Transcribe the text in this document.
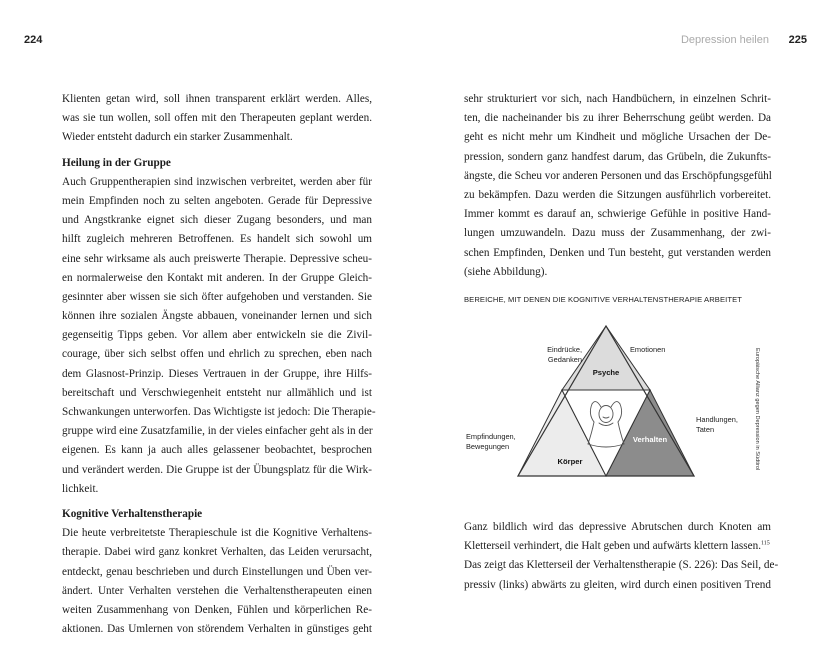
224
Klienten getan wird, soll ihnen transparent erklärt werden. Alles,
was sie tun wollen, soll offen mit den Therapeuten geplant werden.
Wieder entsteht dadurch ein starker Zusammenhalt.
Heilung in der Gruppe
Auch Gruppentherapien sind inzwischen verbreitet, werden aber für
mein Empfinden noch zu selten angeboten. Gerade für Depressive
und Angstkranke eignet sich dieser Zugang besonders, und man
hilft zugleich mehreren Betroffenen. Es handelt sich sowohl um
eine sehr wirksame als auch preiswerte Therapie. Depressive scheu-
en normalerweise den Kontakt mit anderen. In der Gruppe Gleich-
gesinnter aber wissen sie sich öfter aufgehoben und verstanden. Sie
können ihre sozialen Ängste abbauen, voneinander lernen und sich
gegenseitig Tipps geben. Vor allem aber entwickeln sie die Zivil-
courage, über sich selbst offen und ehrlich zu sprechen, eben nach
dem Glasnost-Prinzip. Dieses Vertrauen in der Gruppe, ihre Hilfs-
bereitschaft und Verschwiegenheit entsteht nur allmählich und ist
Schwankungen unterworfen. Das Wichtigste ist jedoch: Die Therapie-
gruppe wird eine Zusatzfamilie, in der vieles einfacher geht als in der
eigenen. Es kann ja auch alles gelassener beobachtet, besprochen
und verändert werden. Die Gruppe ist der Übungsplatz für die Wirk-
lichkeit.
Kognitive Verhaltenstherapie
Die heute verbreitetste Therapieschule ist die Kognitive Verhaltens-
therapie. Dabei wird ganz konkret Verhalten, das Leiden verursacht,
entdeckt, genau beschrieben und durch Einstellungen und Üben ver-
ändert. Unter Verhalten verstehen die Verhaltenstherapeuten einen
weiten Zusammenhang von Denken, Fühlen und körperlichen Re-
aktionen. Das Umlernen von störendem Verhalten in günstiges geht
Depression heilen 225
sehr strukturiert vor sich, nach Handbüchern, in einzelnen Schrit-
ten, die nacheinander bis zu ihrer Beherrschung geübt werden. Da
geht es nicht mehr um Kindheit und mögliche Ursachen der De-
pression, sondern ganz handfest darum, das Grübeln, die Zukunfts-
ängste, die Scheu vor anderen Personen und das Erschöpfungsgefühl
zu bekämpfen. Dazu werden die Sitzungen ausführlich vorbereitet.
Immer kommt es darauf an, schwierige Gefühle in positive Hand-
lungen umzuwandeln. Dazu muss der Zusammenhang, der zwi-
schen Empfinden, Denken und Tun besteht, gut verstanden werden
(siehe Abbildung).
BEREICHE, MIT DENEN DIE KOGNITIVE VERHALTENSTHERAPIE ARBEITET
Psyche
Körper
Verhalten
Eindrücke,
Gedanken
Emotionen
Handlungen,
Taten
Empfindungen,
Bewegungen	Europäische Allianz gegen Depression in Südtirol
Ganz bildlich wird das depressive Abrutschen durch Knoten am
Kletterseil verhindert, die Halt geben und aufwärts klettern lassen.$^{115}$
Das zeigt das Kletterseil der Verhaltenstherapie (S. 226): Das Seil, de-
pressiv (links) abwärts zu gleiten, wird durch einen positiven Trend
